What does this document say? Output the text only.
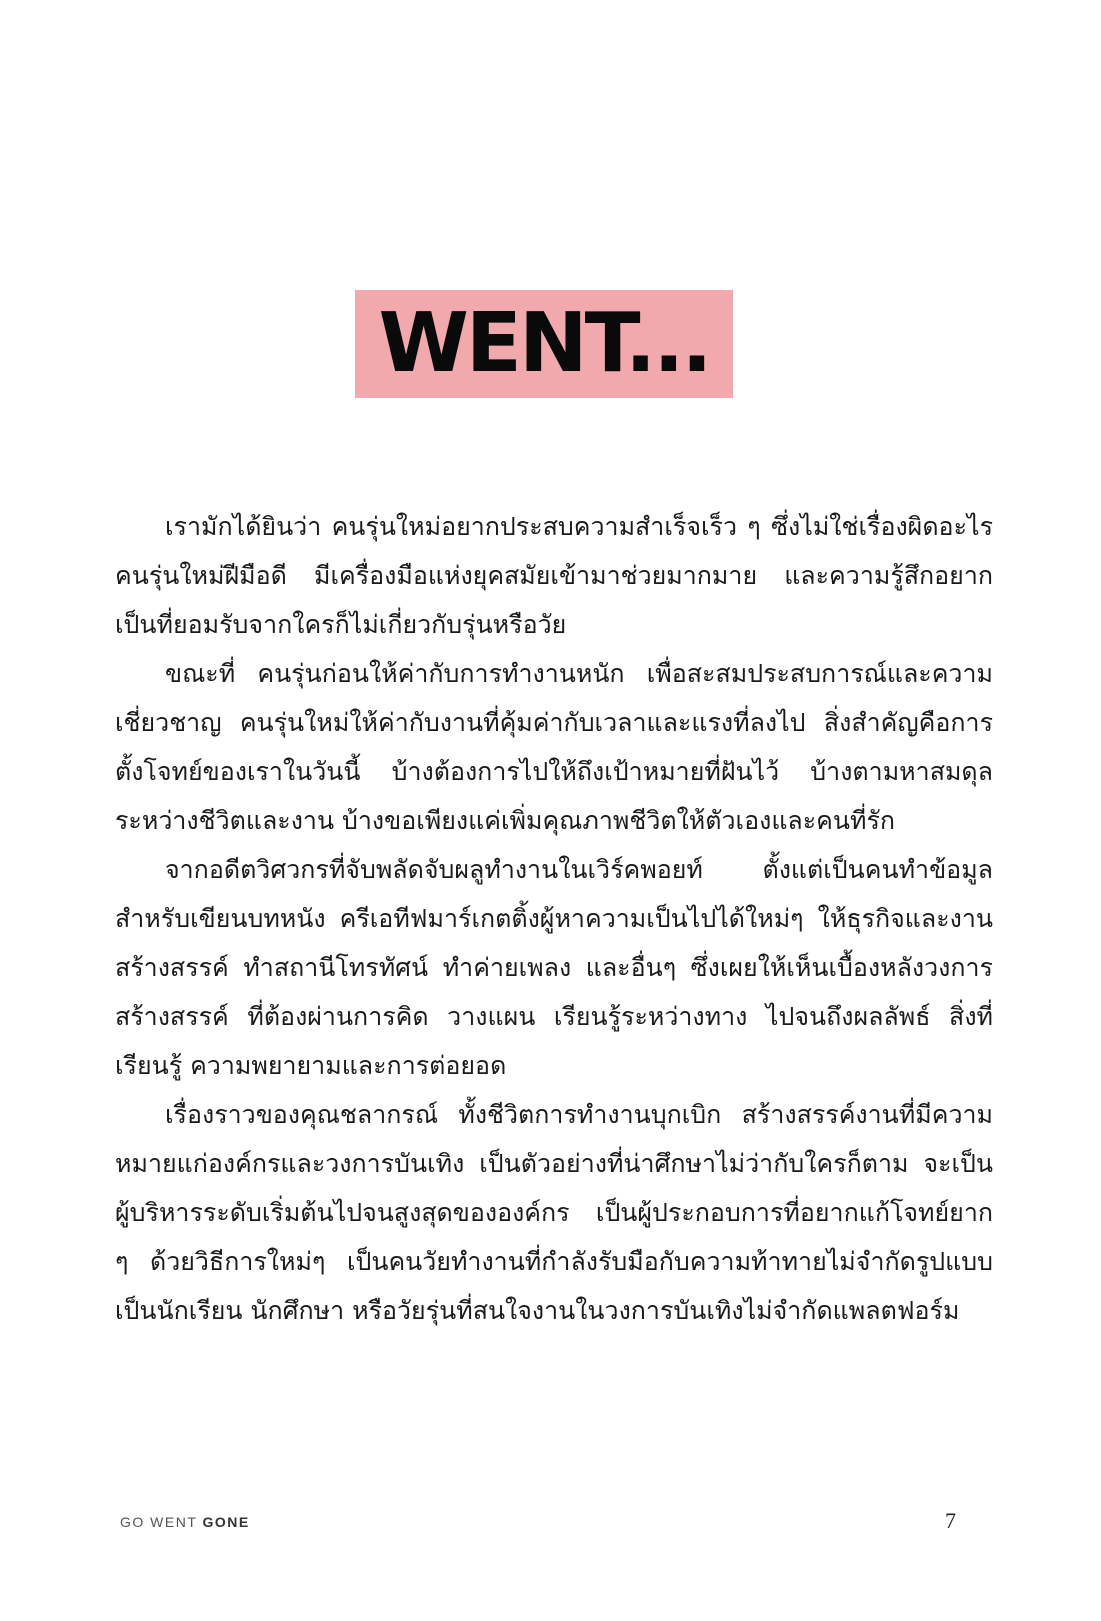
WENT...

เรามักได้ยินว่า คนรุ่นใหม่อยากประสบความสำเร็จเร็ว ๆ ซึ่งไม่ใช่เรื่องผิดอะไร คนรุ่นใหม่ฝีมือดี มีเครื่องมือแห่งยุคสมัยเข้ามาช่วยมากมาย และความรู้สึกอยากเป็นที่ยอมรับจากใครก็ไม่เกี่ยวกับรุ่นหรือวัย

ขณะที่ คนรุ่นก่อนให้ค่ากับการทำงานหนัก เพื่อสะสมประสบการณ์และความเชี่ยวชาญ คนรุ่นใหม่ให้ค่ากับงานที่คุ้มค่ากับเวลาและแรงที่ลงไป สิ่งสำคัญคือการตั้งโจทย์ของเราในวันนี้ บ้างต้องการไปให้ถึงเป้าหมายที่ฝันไว้ บ้างตามหาสมดุลระหว่างชีวิตและงาน บ้างขอเพียงแค่เพิ่มคุณภาพชีวิตให้ตัวเองและคนที่รัก

จากอดีตวิศวกรที่จับพลัดจับผลูทำงานในเวิร์คพอยท์ ตั้งแต่เป็นคนทำข้อมูลสำหรับเขียนบทหนัง ครีเอทีฟมาร์เกตติ้งผู้หาความเป็นไปได้ใหม่ๆ ให้ธุรกิจและงานสร้างสรรค์ ทำสถานีโทรทัศน์ ทำค่ายเพลง และอื่นๆ ซึ่งเผยให้เห็นเบื้องหลังวงการสร้างสรรค์ ที่ต้องผ่านการคิด วางแผน เรียนรู้ระหว่างทาง ไปจนถึงผลลัพธ์ สิ่งที่เรียนรู้ ความพยายามและการต่อยอด

เรื่องราวของคุณชลากรณ์ ทั้งชีวิตการทำงานบุกเบิก สร้างสรรค์งานที่มีความหมายแก่องค์กรและวงการบันเทิง เป็นตัวอย่างที่น่าศึกษาไม่ว่ากับใครก็ตาม จะเป็นผู้บริหารระดับเริ่มต้นไปจนสูงสุดขององค์กร เป็นผู้ประกอบการที่อยากแก้โจทย์ยาก ๆ ด้วยวิธีการใหม่ๆ เป็นคนวัยทำงานที่กำลังรับมือกับความท้าทายไม่จำกัดรูปแบบ เป็นนักเรียน นักศึกษา หรือวัยรุ่นที่สนใจงานในวงการบันเทิงไม่จำกัดแพลตฟอร์ม

GO WENT GONE	7
